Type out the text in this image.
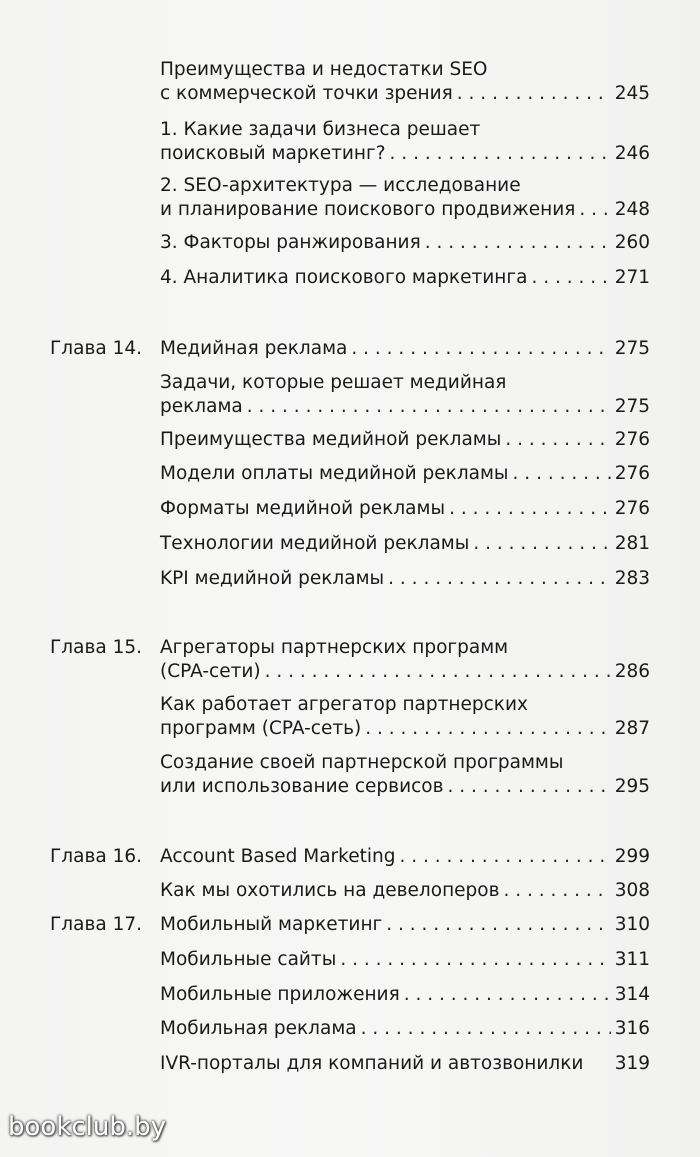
Преимущества и недостатки SEO
с коммерческой точки зрения . . .	245
1. Какие задачи бизнеса решает
поисковый маркетинг? . . .	246
2. SEO-архитектура — исследование
и планирование поискового продвижения . . . 248
3. Факторы ранжирования . . .	260
4. Аналитика поискового маркетинга . . .	271
Глава 14. Медийная реклама . . .	275
Задачи, которые решает медийная
реклама . . .	275
Преимущества медийной рекламы . . .	276
Модели оплаты медийной рекламы . . .	276
Форматы медийной рекламы . . .	276
Технологии медийной рекламы . . .	281
KPI медийной рекламы . . .	283
Глава 15. Агрегаторы партнерских программ
(CPA-сети) . . .	286
Как работает агрегатор партнерских
программ (CPA-сеть) . . .	287
Создание своей партнерской программы
или использование сервисов . . .	295
Глава 16. Account Based Marketing . . .	299
Как мы охотились на девелоперов . . .	308
Глава 17. Мобильный маркетинг . . .	310
Мобильные сайты . . .	311
Мобильные приложения . . .	314
Мобильная реклама . . .	316
IVR-порталы для компаний и автозвонилки 319
bookclub.by
